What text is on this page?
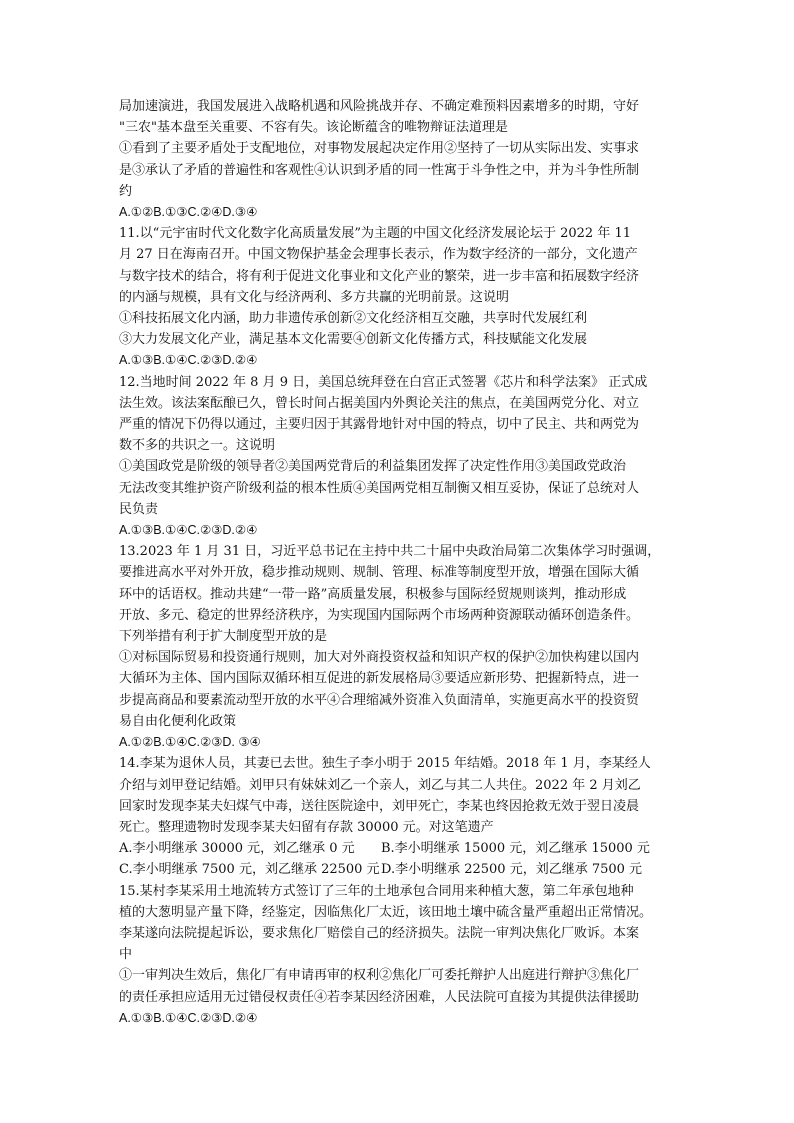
局加速演进，我国发展进入战略机遇和风险挑战并存、不确定难预料因素增多的时期，守好

"三农"基本盘至关重要、不容有失。该论断蕴含的唯物辩证法道理是

①看到了主要矛盾处于支配地位，对事物发展起决定作用②坚持了一切从实际出发、实事求

是③承认了矛盾的普遍性和客观性④认识到矛盾的同一性寓于斗争性之中，并为斗争性所制

约

A.①②B.①③C.②④D.③④

11.以“元宇宙时代文化数字化高质量发展”为主题的中国文化经济发展论坛于 2022 年 11

月 27 日在海南召开。中国文物保护基金会理事长表示，作为数字经济的一部分，文化遗产

与数字技术的结合，将有利于促进文化事业和文化产业的繁荣，进一步丰富和拓展数字经济

的内涵与规模，具有文化与经济两利、多方共赢的光明前景。这说明

①科技拓展文化内涵，助力非遗传承创新②文化经济相互交融，共享时代发展红利

③大力发展文化产业，满足基本文化需要④创新文化传播方式，科技赋能文化发展

A.①③B.①④C.②③D.②④

12.当地时间 2022 年 8 月 9 日，美国总统拜登在白宫正式签署《芯片和科学法案》 正式成

法生效。该法案酝酿已久，曾长时间占据美国内外舆论关注的焦点，在美国两党分化、对立

严重的情况下仍得以通过，主要归因于其露骨地针对中国的特点，切中了民主、共和两党为

数不多的共识之一。这说明

①美国政党是阶级的领导者②美国两党背后的利益集团发挥了决定性作用③美国政党政治

无法改变其维护资产阶级利益的根本性质④美国两党相互制衡又相互妥协，保证了总统对人

民负责

A.①③B.①④C.②③D.②④

13.2023 年 1 月 31 日，习近平总书记在主持中共二十届中央政治局第二次集体学习时强调，

要推进高水平对外开放，稳步推动规则、规制、管理、标准等制度型开放，增强在国际大循

环中的话语权。推动共建“一带一路”高质量发展，积极参与国际经贸规则谈判，推动形成

开放、多元、稳定的世界经济秩序，为实现国内国际两个市场两种资源联动循环创造条件。

下列举措有利于扩大制度型开放的是

①对标国际贸易和投资通行规则，加大对外商投资权益和知识产权的保护②加快构建以国内

大循环为主体、国内国际双循环相互促进的新发展格局③要适应新形势、把握新特点，进一

步提高商品和要素流动型开放的水平④合理缩减外资准入负面清单，实施更高水平的投资贸

易自由化便利化政策

A.①②B.①④C.②③D. ③④

14.李某为退休人员，其妻已去世。独生子李小明于 2015 年结婚。2018 年 1 月，李某经人

介绍与刘甲登记结婚。刘甲只有妹妹刘乙一个亲人，刘乙与其二人共住。2022 年 2 月刘乙

回家时发现李某夫妇煤气中毒，送往医院途中，刘甲死亡，李某也终因抢救无效于翌日凌晨

死亡。整理遗物时发现李某夫妇留有存款 30000 元。对这笔遗产

A.李小明继承 30000 元，刘乙继承 0 元	B.李小明继承 15000 元，刘乙继承 15000 元
C.李小明继承 7500 元，刘乙继承 22500 元 D.李小明继承 22500 元，刘乙继承 7500 元

15.某村李某采用土地流转方式签订了三年的土地承包合同用来种植大葱，第二年承包地种

植的大葱明显产量下降，经鉴定，因临焦化厂太近，该田地土壤中硫含量严重超出正常情况。

李某遂向法院提起诉讼，要求焦化厂赔偿自己的经济损失。法院一审判决焦化厂败诉。本案

中

①一审判决生效后，焦化厂有申请再审的权利②焦化厂可委托辩护人出庭进行辩护③焦化厂

的责任承担应适用无过错侵权责任④若李某因经济困难，人民法院可直接为其提供法律援助

A.①③B.①④C.②③D.②④
